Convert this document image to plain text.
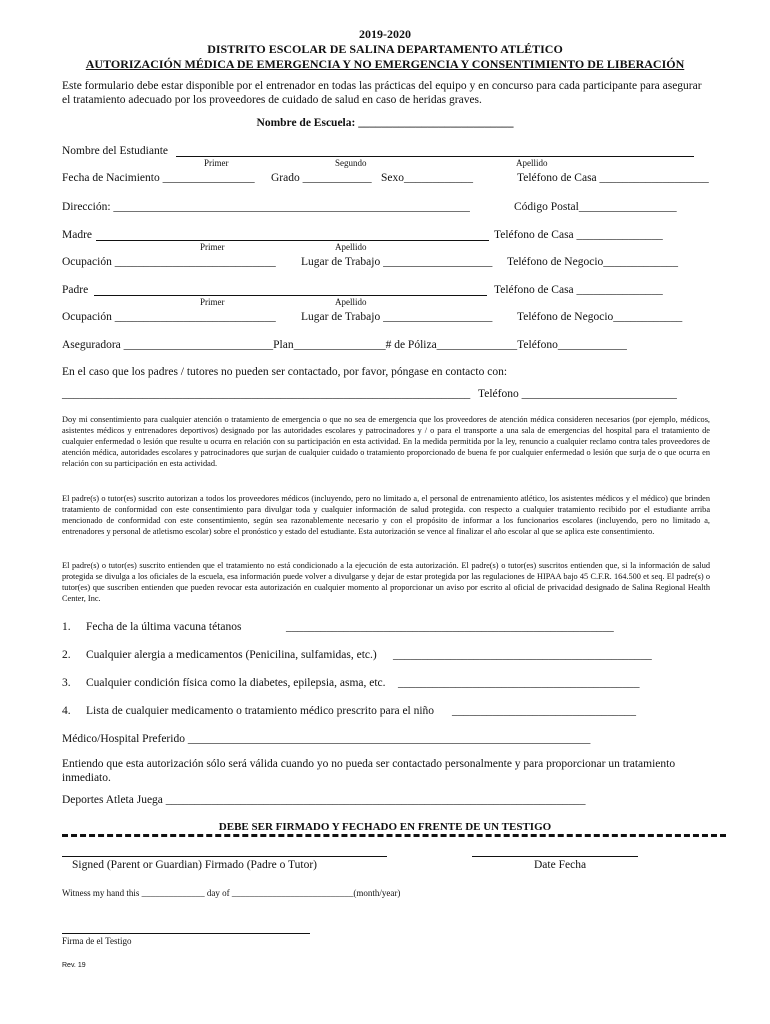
2019-2020
DISTRITO ESCOLAR DE SALINA DEPARTAMENTO ATLÉTICO
AUTORIZACIÓN MÉDICA DE EMERGENCIA Y NO EMERGENCIA Y CONSENTIMIENTO DE LIBERACIÓN
Este formulario debe estar disponible por el entrenador en todas las prácticas del equipo y en concurso para cada participante para asegurar el tratamiento adecuado por los proveedores de cuidado de salud en caso de heridas graves.
Nombre de Escuela: ___________________________
Nombre del Estudiante
Primer	Segundo	Apellido
Fecha de Nacimiento ________________ Grado ____________ Sexo____________	Teléfono de Casa ___________________
Dirección: ______________________________________________________________	Código Postal_________________
Madre	Teléfono de Casa _______________
Primer	Apellido
Ocupación ____________________________ Lugar de Trabajo ___________________ Teléfono de Negocio_____________
Padre	Teléfono de Casa _______________
Primer	Apellido
Ocupación ____________________________ Lugar de Trabajo ___________________ Teléfono de Negocio____________
Aseguradora __________________________Plan________________# de Póliza______________Teléfono____________
En el caso que los padres / tutores no pueden ser contactado, por favor, póngase en contacto con:
_______________________________________________________________________ Teléfono ___________________________
Doy mi consentimiento para cualquier atención o tratamiento de emergencia o que no sea de emergencia que los proveedores de atención médica consideren necesarios (por ejemplo, médicos, asistentes médicos y entrenadores deportivos) designado por las autoridades escolares y patrocinadores y / o para el transporte a una sala de emergencias del hospital para el tratamiento de cualquier enfermedad o lesión que resulte u ocurra en relación con su participación en esta actividad. En la medida permitida por la ley, renuncio a cualquier reclamo contra tales proveedores de atención médica, autoridades escolares y patrocinadores que surjan de cualquier cuidado o tratamiento proporcionado de buena fe por cualquier enfermedad o lesión que surja de o que ocurra en relación con su participación en esta actividad.
El padre(s) o tutor(es) suscrito autorizan a todos los proveedores médicos (incluyendo, pero no limitado a, el personal de entrenamiento atlético, los asistentes médicos y el médico) que brinden tratamiento de conformidad con este consentimiento para divulgar toda y cualquier información de salud protegida. con respecto a cualquier tratamiento recibido por el estudiante arriba mencionado de conformidad con este consentimiento, según sea razonablemente necesario y con el propósito de informar a los funcionarios escolares (incluyendo, pero no limitado a, entrenadores y personal de atletismo escolar) sobre el pronóstico y estado del estudiante. Esta autorización se vence al finalizar el año escolar al que se aplica este consentimiento.
El padre(s) o tutor(es) suscrito entienden que el tratamiento no está condicionado a la ejecución de esta autorización. El padre(s) o tutor(es) suscritos entienden que, si la información de salud protegida se divulga a los oficiales de la escuela, esa información puede volver a divulgarse y dejar de estar protegida por las regulaciones de HIPAA bajo 45 C.F.R. 164.500 et seq. El padre(s) o tutor(es) que suscriben entienden que pueden revocar esta autorización en cualquier momento al proporcionar un aviso por escrito al oficial de privacidad designado de Salina Regional Health Center, Inc.
1. Fecha de la última vacuna tétanos	_________________________________________________________
2. Cualquier alergia a medicamentos (Penicilina, sulfamidas, etc.) _____________________________________________
3. Cualquier condición física como la diabetes, epilepsia, asma, etc. __________________________________________
4. Lista de cualquier medicamento o tratamiento médico prescrito para el niño ________________________________
Médico/Hospital Preferido ______________________________________________________________________
Entiendo que esta autorización sólo será válida cuando yo no pueda ser contactado personalmente y para proporcionar un tratamiento inmediato.
Deportes Atleta Juega _________________________________________________________________________
DEBE SER FIRMADO Y FECHADO EN FRENTE DE UN TESTIGO
Signed (Parent or Guardian) Firmado (Padre o Tutor)	Date Fecha
Witness my hand this ______________ day of ___________________________(month/year)
Firma de el Testigo
Rev. 19
